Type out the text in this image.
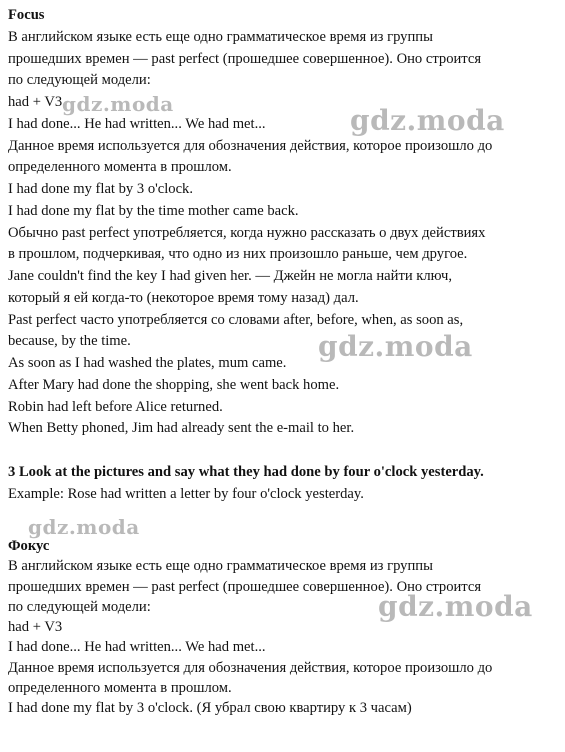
Focus
В английском языке есть еще одно грамматическое время из группы
прошедших времен — past perfect (прошедшее совершенное). Оно строится
по следующей модели:
had + V3
I had done... He had written... We had met...
Данное время используется для обозначения действия, которое произошло до
определенного момента в прошлом.
I had done my flat by 3 o'clock.
I had done my flat by the time mother came back.
Обычно past perfect употребляется, когда нужно рассказать о двух действиях
в прошлом, подчеркивая, что одно из них произошло раньше, чем другое.
Jane couldn't find the key I had given her. — Джейн не могла найти ключ,
который я ей когда-то (некоторое время тому назад) дал.
Past perfect часто употребляется со словами after, before, when, as soon as,
because, by the time.
As soon as I had washed the plates, mum came.
After Mary had done the shopping, she went back home.
Robin had left before Alice returned.
When Betty phoned, Jim had already sent the e-mail to her.
3 Look at the pictures and say what they had done by four o'clock yesterday.
Example: Rose had written a letter by four o'clock yesterday.
Фокус
В английском языке есть еще одно грамматическое время из группы
прошедших времен — past perfect (прошедшее совершенное). Оно строится
по следующей модели:
had + V3
I had done... He had written... We had met...
Данное время используется для обозначения действия, которое произошло до
определенного момента в прошлом.
I had done my flat by 3 o'clock. (Я убрал свою квартиру к 3 часам)
gdz.moda	gdz.moda
gdz.moda
gdz.moda
gdz.moda
